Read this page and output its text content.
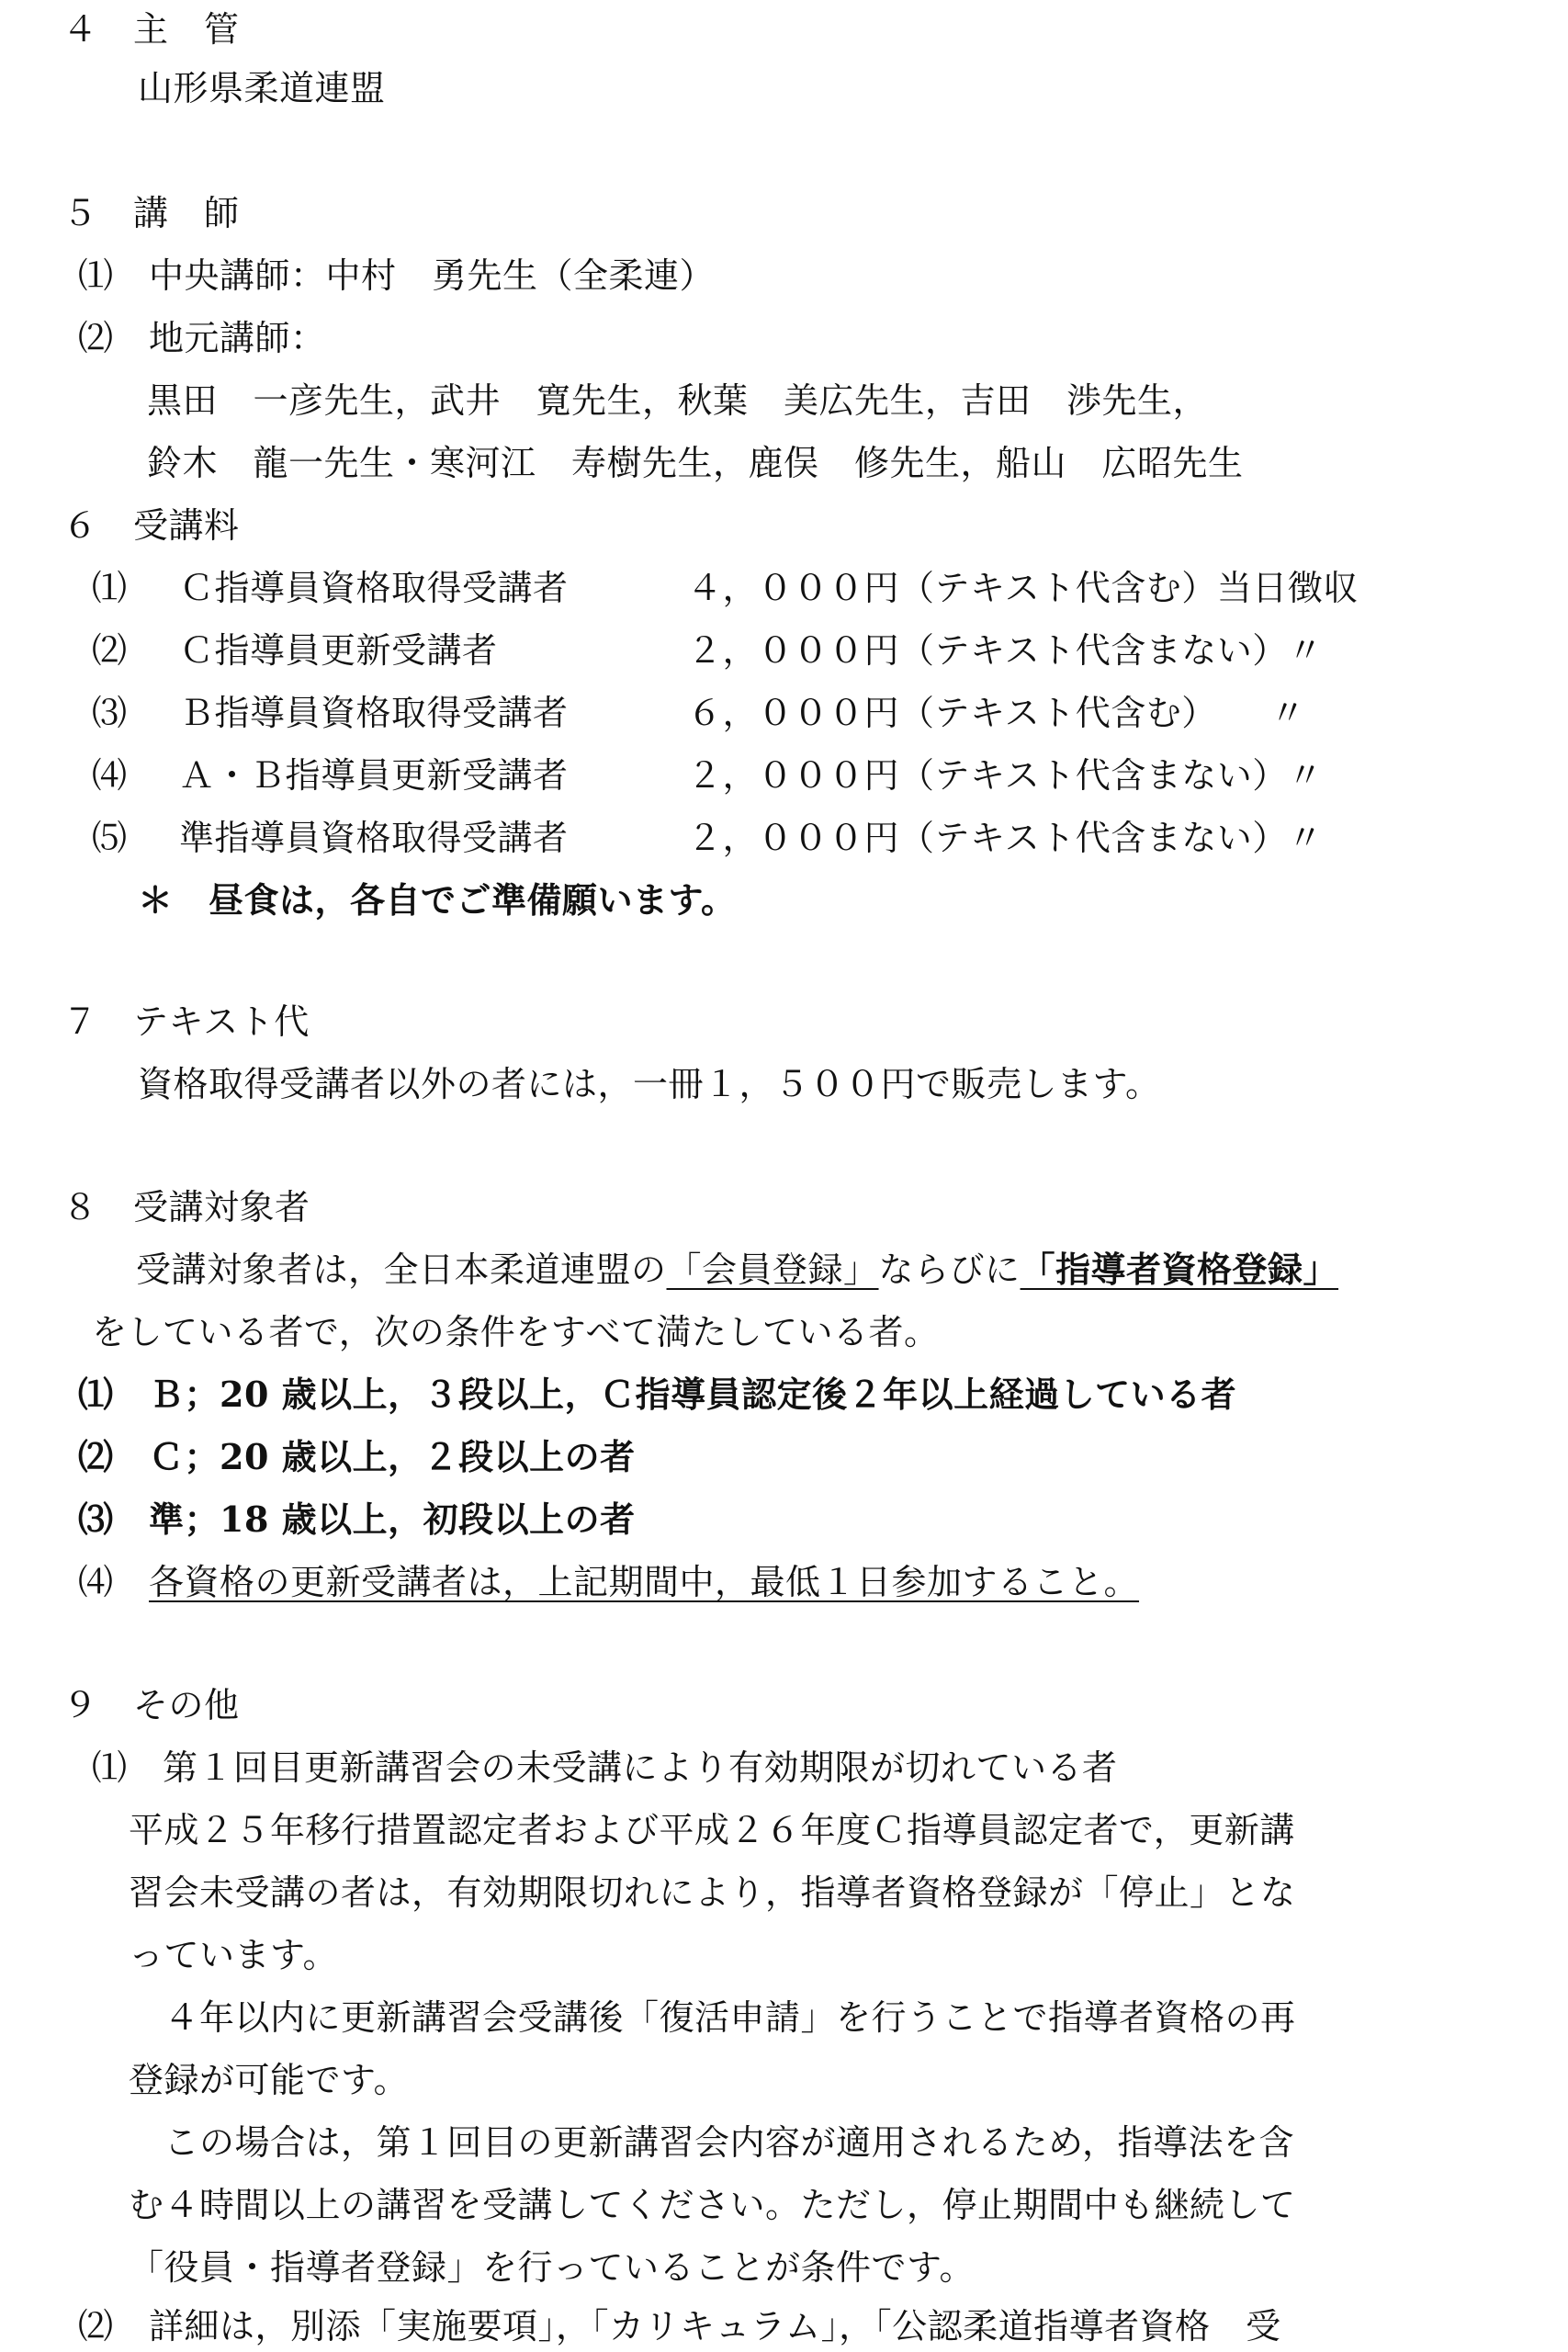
４　主　管
山形県柔道連盟
５　講　師
⑴　中央講師：中村　勇先生（全柔連）
⑵　地元講師：
黒田　一彦先生，武井　寛先生，秋葉　美広先生，吉田　渉先生，
鈴木　龍一先生・寒河江　寿樹先生，鹿俣　修先生，船山　広昭先生
６　受講料
⑴ Ｃ指導員資格取得受講者	４，０００円（テキスト代含む）当日徴収
⑵ Ｃ指導員更新受講者	２，０００円（テキスト代含まない）〃
⑶ Ｂ指導員資格取得受講者	６，０００円（テキスト代含む）　　〃
⑷ Ａ・Ｂ指導員更新受講者	２，０００円（テキスト代含まない）〃
⑸ 準指導員資格取得受講者	２，０００円（テキスト代含まない）〃
＊　昼食は，各自でご準備願います。
７　テキスト代
資格取得受講者以外の者には，一冊１，５００円で販売します。
８　受講対象者
受講対象者は，全日本柔道連盟の「会員登録」ならびに「指導者資格登録」
をしている者で，次の条件をすべて満たしている者。
⑴　Ｂ；20 歳以上，３段以上，Ｃ指導員認定後２年以上経過している者
⑵　Ｃ；20 歳以上，２段以上の者
⑶　準；18 歳以上，初段以上の者
⑷　各資格の更新受講者は，上記期間中，最低１日参加すること。
９　その他
⑴　第１回目更新講習会の未受講により有効期限が切れている者
平成２５年移行措置認定者および平成２６年度Ｃ指導員認定者で，更新講
習会未受講の者は，有効期限切れにより，指導者資格登録が「停止」とな
っています。
　４年以内に更新講習会受講後「復活申請」を行うことで指導者資格の再
登録が可能です。
　この場合は，第１回目の更新講習会内容が適用されるため，指導法を含
む４時間以上の講習を受講してください。ただし，停止期間中も継続して
「役員・指導者登録」を行っていることが条件です。
⑵　詳細は，別添「実施要項」，「カリキュラム」，「公認柔道指導者資格　受
